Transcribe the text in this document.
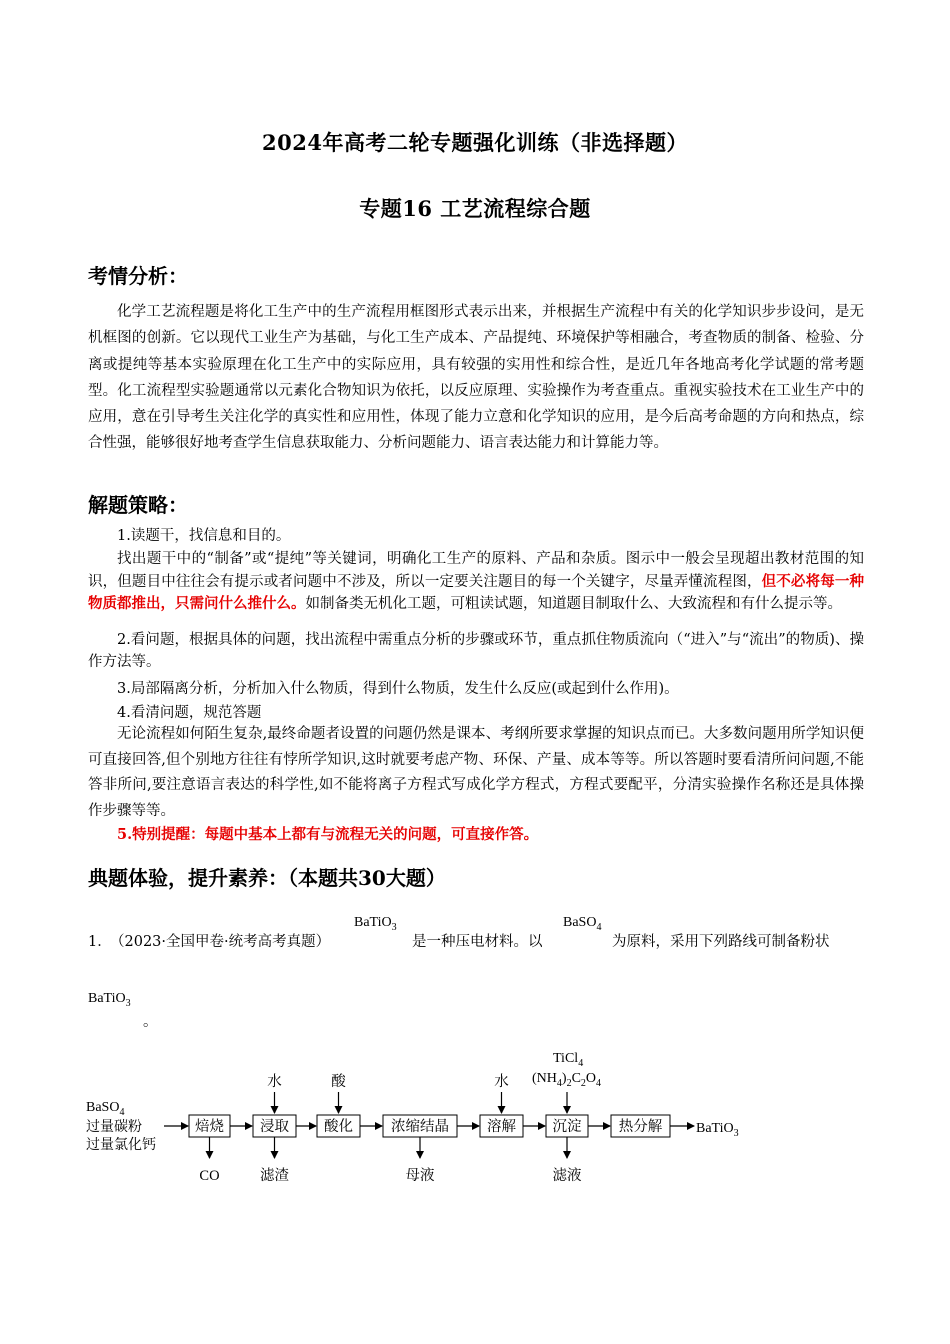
2024年高考二轮专题强化训练（非选择题）
专题16 工艺流程综合题
考情分析：

化学工艺流程题是将化工生产中的生产流程用框图形式表示出来，并根据生产流程中有关的化学知识步步设问，是无机框图的创新。它以现代工业生产为基础，与化工生产成本、产品提纯、环境保护等相融合，考查物质的制备、检验、分离或提纯等基本实验原理在化工生产中的实际应用，具有较强的实用性和综合性，是近几年各地高考化学试题的常考题型。化工流程型实验题通常以元素化合物知识为依托，以反应原理、实验操作为考查重点。重视实验技术在工业生产中的应用，意在引导考生关注化学的真实性和应用性，体现了能力立意和化学知识的应用，是今后高考命题的方向和热点，综合性强，能够很好地考查学生信息获取能力、分析问题能力、语言表达能力和计算能力等。

解题策略：

1.读题干，找信息和目的。

找出题干中的“制备”或“提纯”等关键词，明确化工生产的原料、产品和杂质。图示中一般会呈现超出教材范围的知识，但题目中往往会有提示或者问题中不涉及，所以一定要关注题目的每一个关键字，尽量弄懂流程图，但不必将每一种物质都推出，只需问什么推什么。如制备类无机化工题，可粗读试题，知道题目制取什么、大致流程和有什么提示等。

2.看问题，根据具体的问题，找出流程中需重点分析的步骤或环节，重点抓住物质流向（“进入”与“流出”的物质)、操作方法等。

3.局部隔离分析，分析加入什么物质，得到什么物质，发生什么反应(或起到什么作用)。

4.看清问题，规范答题

无论流程如何陌生复杂,最终命题者设置的问题仍然是课本、考纲所要求掌握的知识点而已。大多数问题用所学知识便可直接回答,但个别地方往往有悖所学知识,这时就要考虑产物、环保、产量、成本等等。所以答题时要看清所问问题,不能答非所问,要注意语言表达的科学性,如不能将离子方程式写成化学方程式，方程式要配平，分清实验操作名称还是具体操作步骤等等。

5.特别提醒：每题中基本上都有与流程无关的问题，可直接作答。

典题体验，提升素养：（本题共30大题）
1．
（2023·全国甲卷·统考高考真题）
BaTiO$_3$
是一种压电材料。以
BaSO$_4$
为原料，采用下列路线可制备粉状
BaTiO$_3$
。
BaSO$_4$
过量碳粉
过量氯化钙
焙烧 浸取 酸化	浓缩结晶	溶解	沉淀	热分解 BaTiO$_3$
水	酸	水
TiCl$_4$
$(NH_4)_2C_2O_4$
CO	滤渣	母液	滤液
